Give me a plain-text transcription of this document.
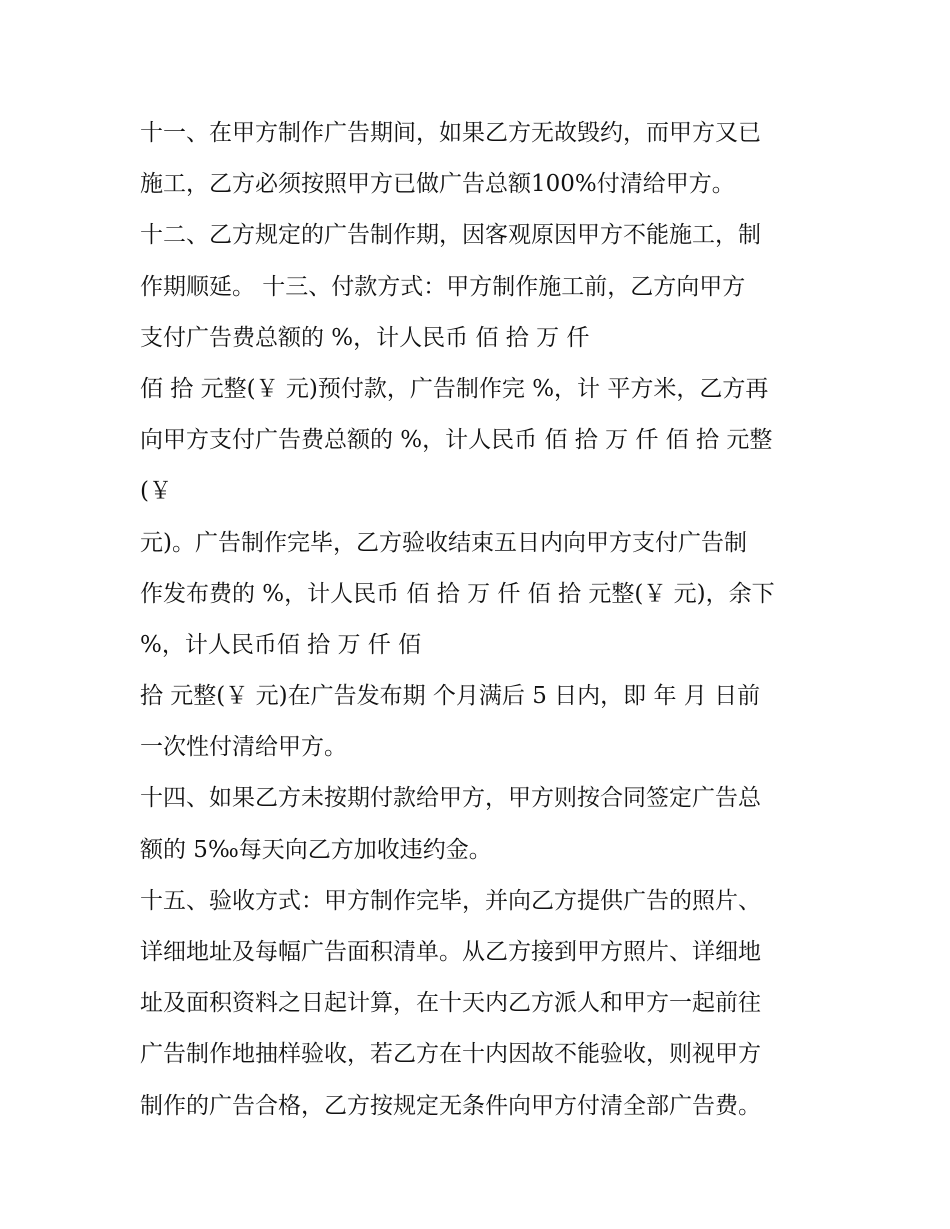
十一、在甲方制作广告期间，如果乙方无故毁约，而甲方又已
施工，乙方必须按照甲方已做广告总额100%付清给甲方。
十二、乙方规定的广告制作期，因客观原因甲方不能施工，制
作期顺延。 十三、付款方式：甲方制作施工前，乙方向甲方
支付广告费总额的 %，计人民币 佰 拾 万 仟
佰 拾 元整(￥ 元)预付款，广告制作完 %，计 平方米，乙方再
向甲方支付广告费总额的 %，计人民币 佰 拾 万 仟 佰 拾 元整
(￥
元)。广告制作完毕，乙方验收结束五日内向甲方支付广告制
作发布费的 %，计人民币 佰 拾 万 仟 佰 拾 元整(￥ 元)，余下
%，计人民币佰 拾 万 仟 佰
拾 元整(￥ 元)在广告发布期 个月满后 5 日内，即 年 月 日前
一次性付清给甲方。
十四、如果乙方未按期付款给甲方，甲方则按合同签定广告总
额的 5‰每天向乙方加收违约金。
十五、验收方式：甲方制作完毕，并向乙方提供广告的照片、
详细地址及每幅广告面积清单。从乙方接到甲方照片、详细地
址及面积资料之日起计算，在十天内乙方派人和甲方一起前往
广告制作地抽样验收，若乙方在十内因故不能验收，则视甲方
制作的广告合格，乙方按规定无条件向甲方付清全部广告费。
